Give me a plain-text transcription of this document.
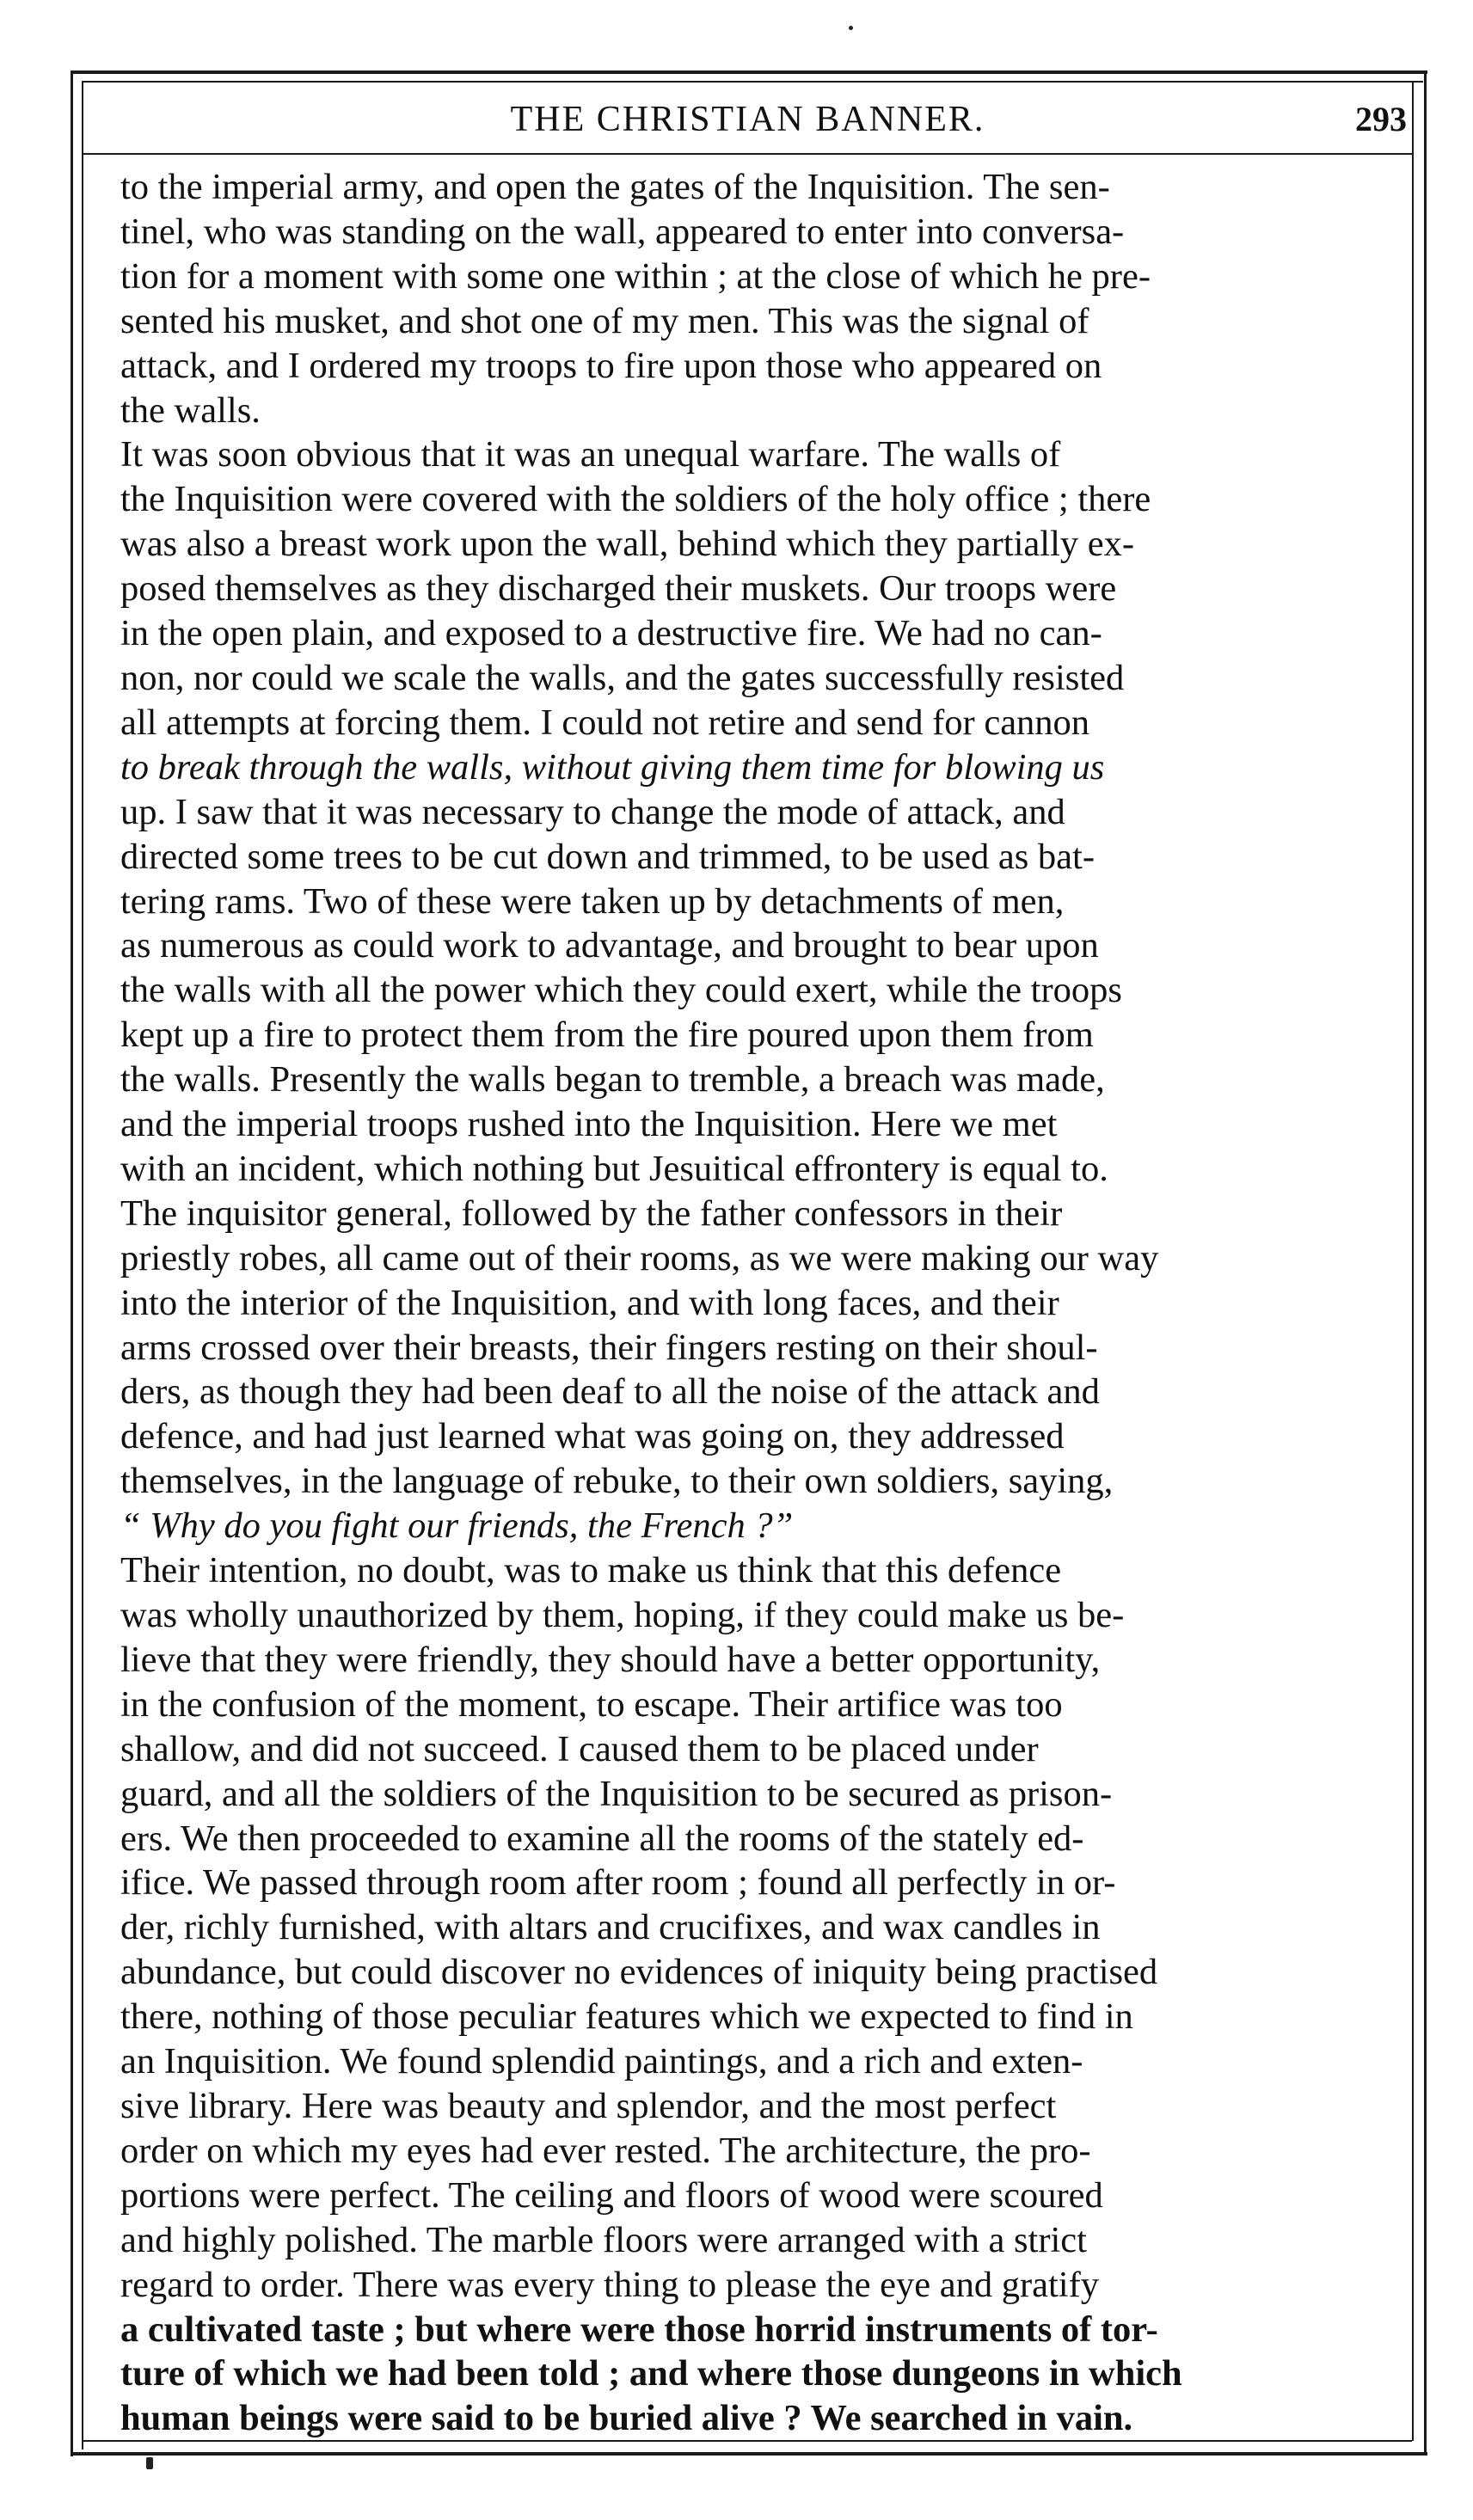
THE CHRISTIAN BANNER.	293
to the imperial army, and open the gates of the Inquisition. The sen-
tinel, who was standing on the wall, appeared to enter into conversa-
tion for a moment with some one within ; at the close of which he pre-
sented his musket, and shot one of my men. This was the signal of
attack, and I ordered my troops to fire upon those who appeared on
the walls.
It was soon obvious that it was an unequal warfare. The walls of
the Inquisition were covered with the soldiers of the holy office ; there
was also a breast work upon the wall, behind which they partially ex-
posed themselves as they discharged their muskets. Our troops were
in the open plain, and exposed to a destructive fire. We had no can-
non, nor could we scale the walls, and the gates successfully resisted
all attempts at forcing them. I could not retire and send for cannon
to break through the walls, without giving them time for blowing us
up. I saw that it was necessary to change the mode of attack, and
directed some trees to be cut down and trimmed, to be used as bat-
tering rams. Two of these were taken up by detachments of men,
as numerous as could work to advantage, and brought to bear upon
the walls with all the power which they could exert, while the troops
kept up a fire to protect them from the fire poured upon them from
the walls. Presently the walls began to tremble, a breach was made,
and the imperial troops rushed into the Inquisition. Here we met
with an incident, which nothing but Jesuitical effrontery is equal to.
The inquisitor general, followed by the father confessors in their
priestly robes, all came out of their rooms, as we were making our way
into the interior of the Inquisition, and with long faces, and their
arms crossed over their breasts, their fingers resting on their shoul-
ders, as though they had been deaf to all the noise of the attack and
defence, and had just learned what was going on, they addressed
themselves, in the language of rebuke, to their own soldiers, saying,
“ Why do you fight our friends, the French ?”
Their intention, no doubt, was to make us think that this defence
was wholly unauthorized by them, hoping, if they could make us be-
lieve that they were friendly, they should have a better opportunity,
in the confusion of the moment, to escape. Their artifice was too
shallow, and did not succeed. I caused them to be placed under
guard, and all the soldiers of the Inquisition to be secured as prison-
ers. We then proceeded to examine all the rooms of the stately ed-
ifice. We passed through room after room ; found all perfectly in or-
der, richly furnished, with altars and crucifixes, and wax candles in
abundance, but could discover no evidences of iniquity being practised
there, nothing of those peculiar features which we expected to find in
an Inquisition. We found splendid paintings, and a rich and exten-
sive library. Here was beauty and splendor, and the most perfect
order on which my eyes had ever rested. The architecture, the pro-
portions were perfect. The ceiling and floors of wood were scoured
and highly polished. The marble floors were arranged with a strict
regard to order. There was every thing to please the eye and gratify
a cultivated taste ; but where were those horrid instruments of tor-
ture of which we had been told ; and where those dungeons in which
human beings were said to be buried alive ? We searched in vain.
